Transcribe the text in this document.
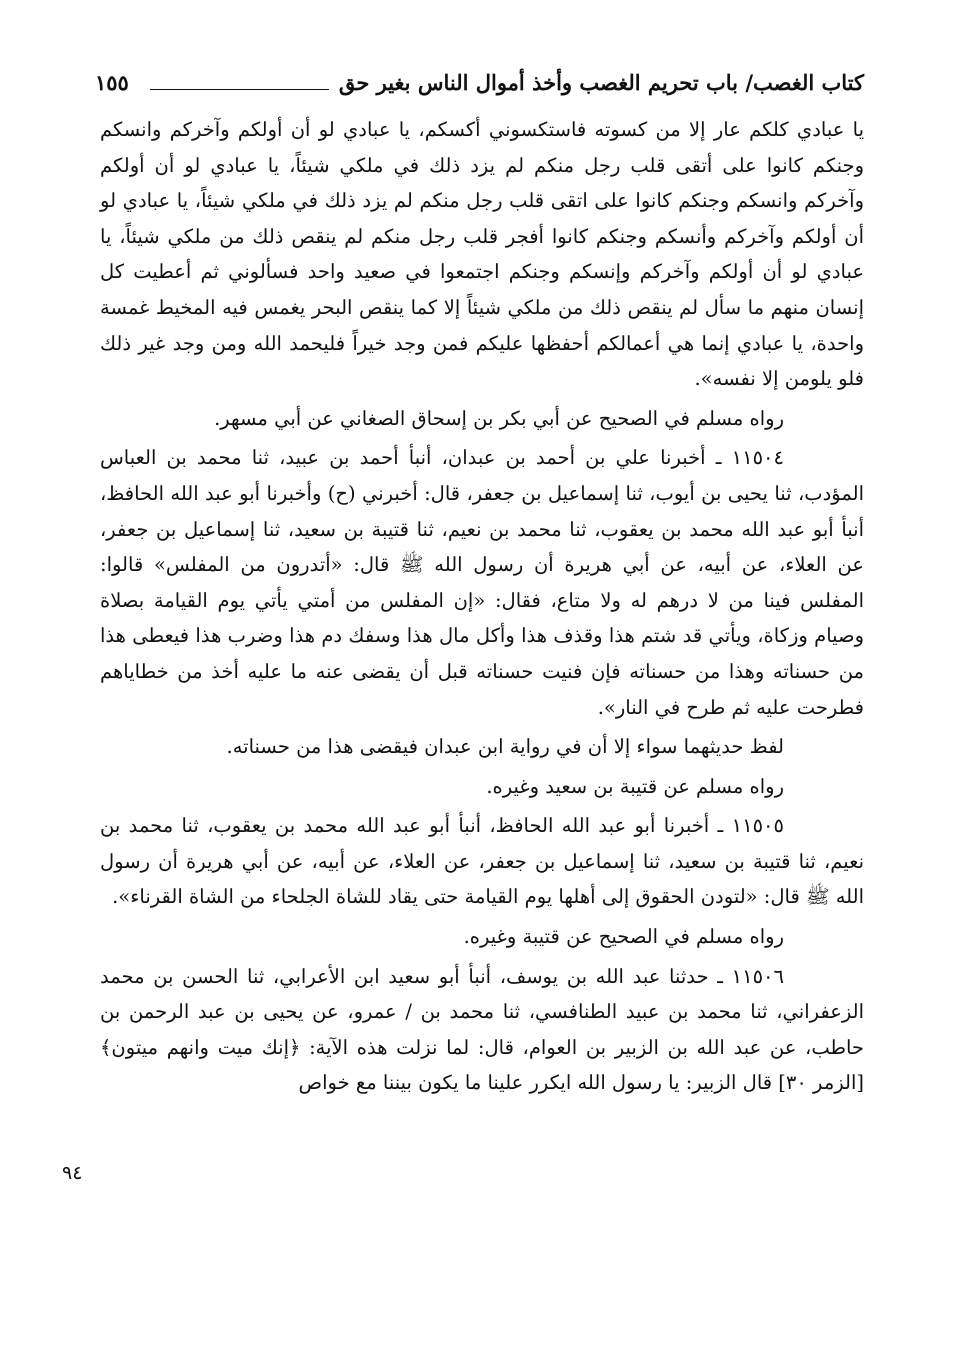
كتاب الغصب/ باب تحريم الغصب وأخذ أموال الناس بغير حق
١٥٥

يا عبادي كلكم عار إلا من كسوته فاستكسوني أكسكم، يا عبادي لو أن أولكم وآخركم وانسكم وجنكم كانوا على أتقى قلب رجل منكم لم يزد ذلك في ملكي شيئاً، يا عبادي لو أن أولكم وآخركم وانسكم وجنكم كانوا على اتقى قلب رجل منكم لم يزد ذلك في ملكي شيئاً، يا عبادي لو أن أولكم وآخركم وأنسكم وجنكم كانوا أفجر قلب رجل منكم لم ينقص ذلك من ملكي شيئاً، يا عبادي لو أن أولكم وآخركم وإنسكم وجنكم اجتمعوا في صعيد واحد فسألوني ثم أعطيت كل إنسان منهم ما سأل لم ينقص ذلك من ملكي شيئاً إلا كما ينقص البحر يغمس فيه المخيط غمسة واحدة، يا عبادي إنما هي أعمالكم أحفظها عليكم فمن وجد خيراً فليحمد الله ومن وجد غير ذلك فلو يلومن إلا نفسه».

رواه مسلم في الصحيح عن أبي بكر بن إسحاق الصغاني عن أبي مسهر.

١١٥٠٤ ـ أخبرنا علي بن أحمد بن عبدان، أنبأ أحمد بن عبيد، ثنا محمد بن العباس المؤدب، ثنا يحيى بن أيوب، ثنا إسماعيل بن جعفر، قال: أخبرني (ح) وأخبرنا أبو عبد الله الحافظ، أنبأ أبو عبد الله محمد بن يعقوب، ثنا محمد بن نعيم، ثنا قتيبة بن سعيد، ثنا إسماعيل بن جعفر، عن العلاء، عن أبيه، عن أبي هريرة أن رسول الله ﷺ قال: «أتدرون من المفلس» قالوا: المفلس فينا من لا درهم له ولا متاع، فقال: «إن المفلس من أمتي يأتي يوم القيامة بصلاة وصيام وزكاة، ويأتي قد شتم هذا وقذف هذا وأكل مال هذا وسفك دم هذا وضرب هذا فيعطى هذا من حسناته وهذا من حسناته فإن فنيت حسناته قبل أن يقضى عنه ما عليه أخذ من خطاياهم فطرحت عليه ثم طرح في النار».

لفظ حديثهما سواء إلا أن في رواية ابن عبدان فيقضى هذا من حسناته.

رواه مسلم عن قتيبة بن سعيد وغيره.

١١٥٠٥ ـ أخبرنا أبو عبد الله الحافظ، أنبأ أبو عبد الله محمد بن يعقوب، ثنا محمد بن نعيم، ثنا قتيبة بن سعيد، ثنا إسماعيل بن جعفر، عن العلاء، عن أبيه، عن أبي هريرة أن رسول الله ﷺ قال: «لتودن الحقوق إلى أهلها يوم القيامة حتى يقاد للشاة الجلحاء من الشاة القرناء».

رواه مسلم في الصحيح عن قتيبة وغيره.

١١٥٠٦ ـ حدثنا عبد الله بن يوسف، أنبأ أبو سعيد ابن الأعرابي، ثنا الحسن بن محمد الزعفراني، ثنا محمد بن عبيد الطنافسي، ثنا محمد بن / عمرو، عن يحيى بن عبد الرحمن بن حاطب، عن عبد الله بن الزبير بن العوام، قال: لما نزلت هذه الآية: ﴿إنك ميت وانهم ميتون﴾ [الزمر ٣٠] قال الزبير: يا رسول الله ايكرر علينا ما يكون بيننا مع خواص

٩٤
